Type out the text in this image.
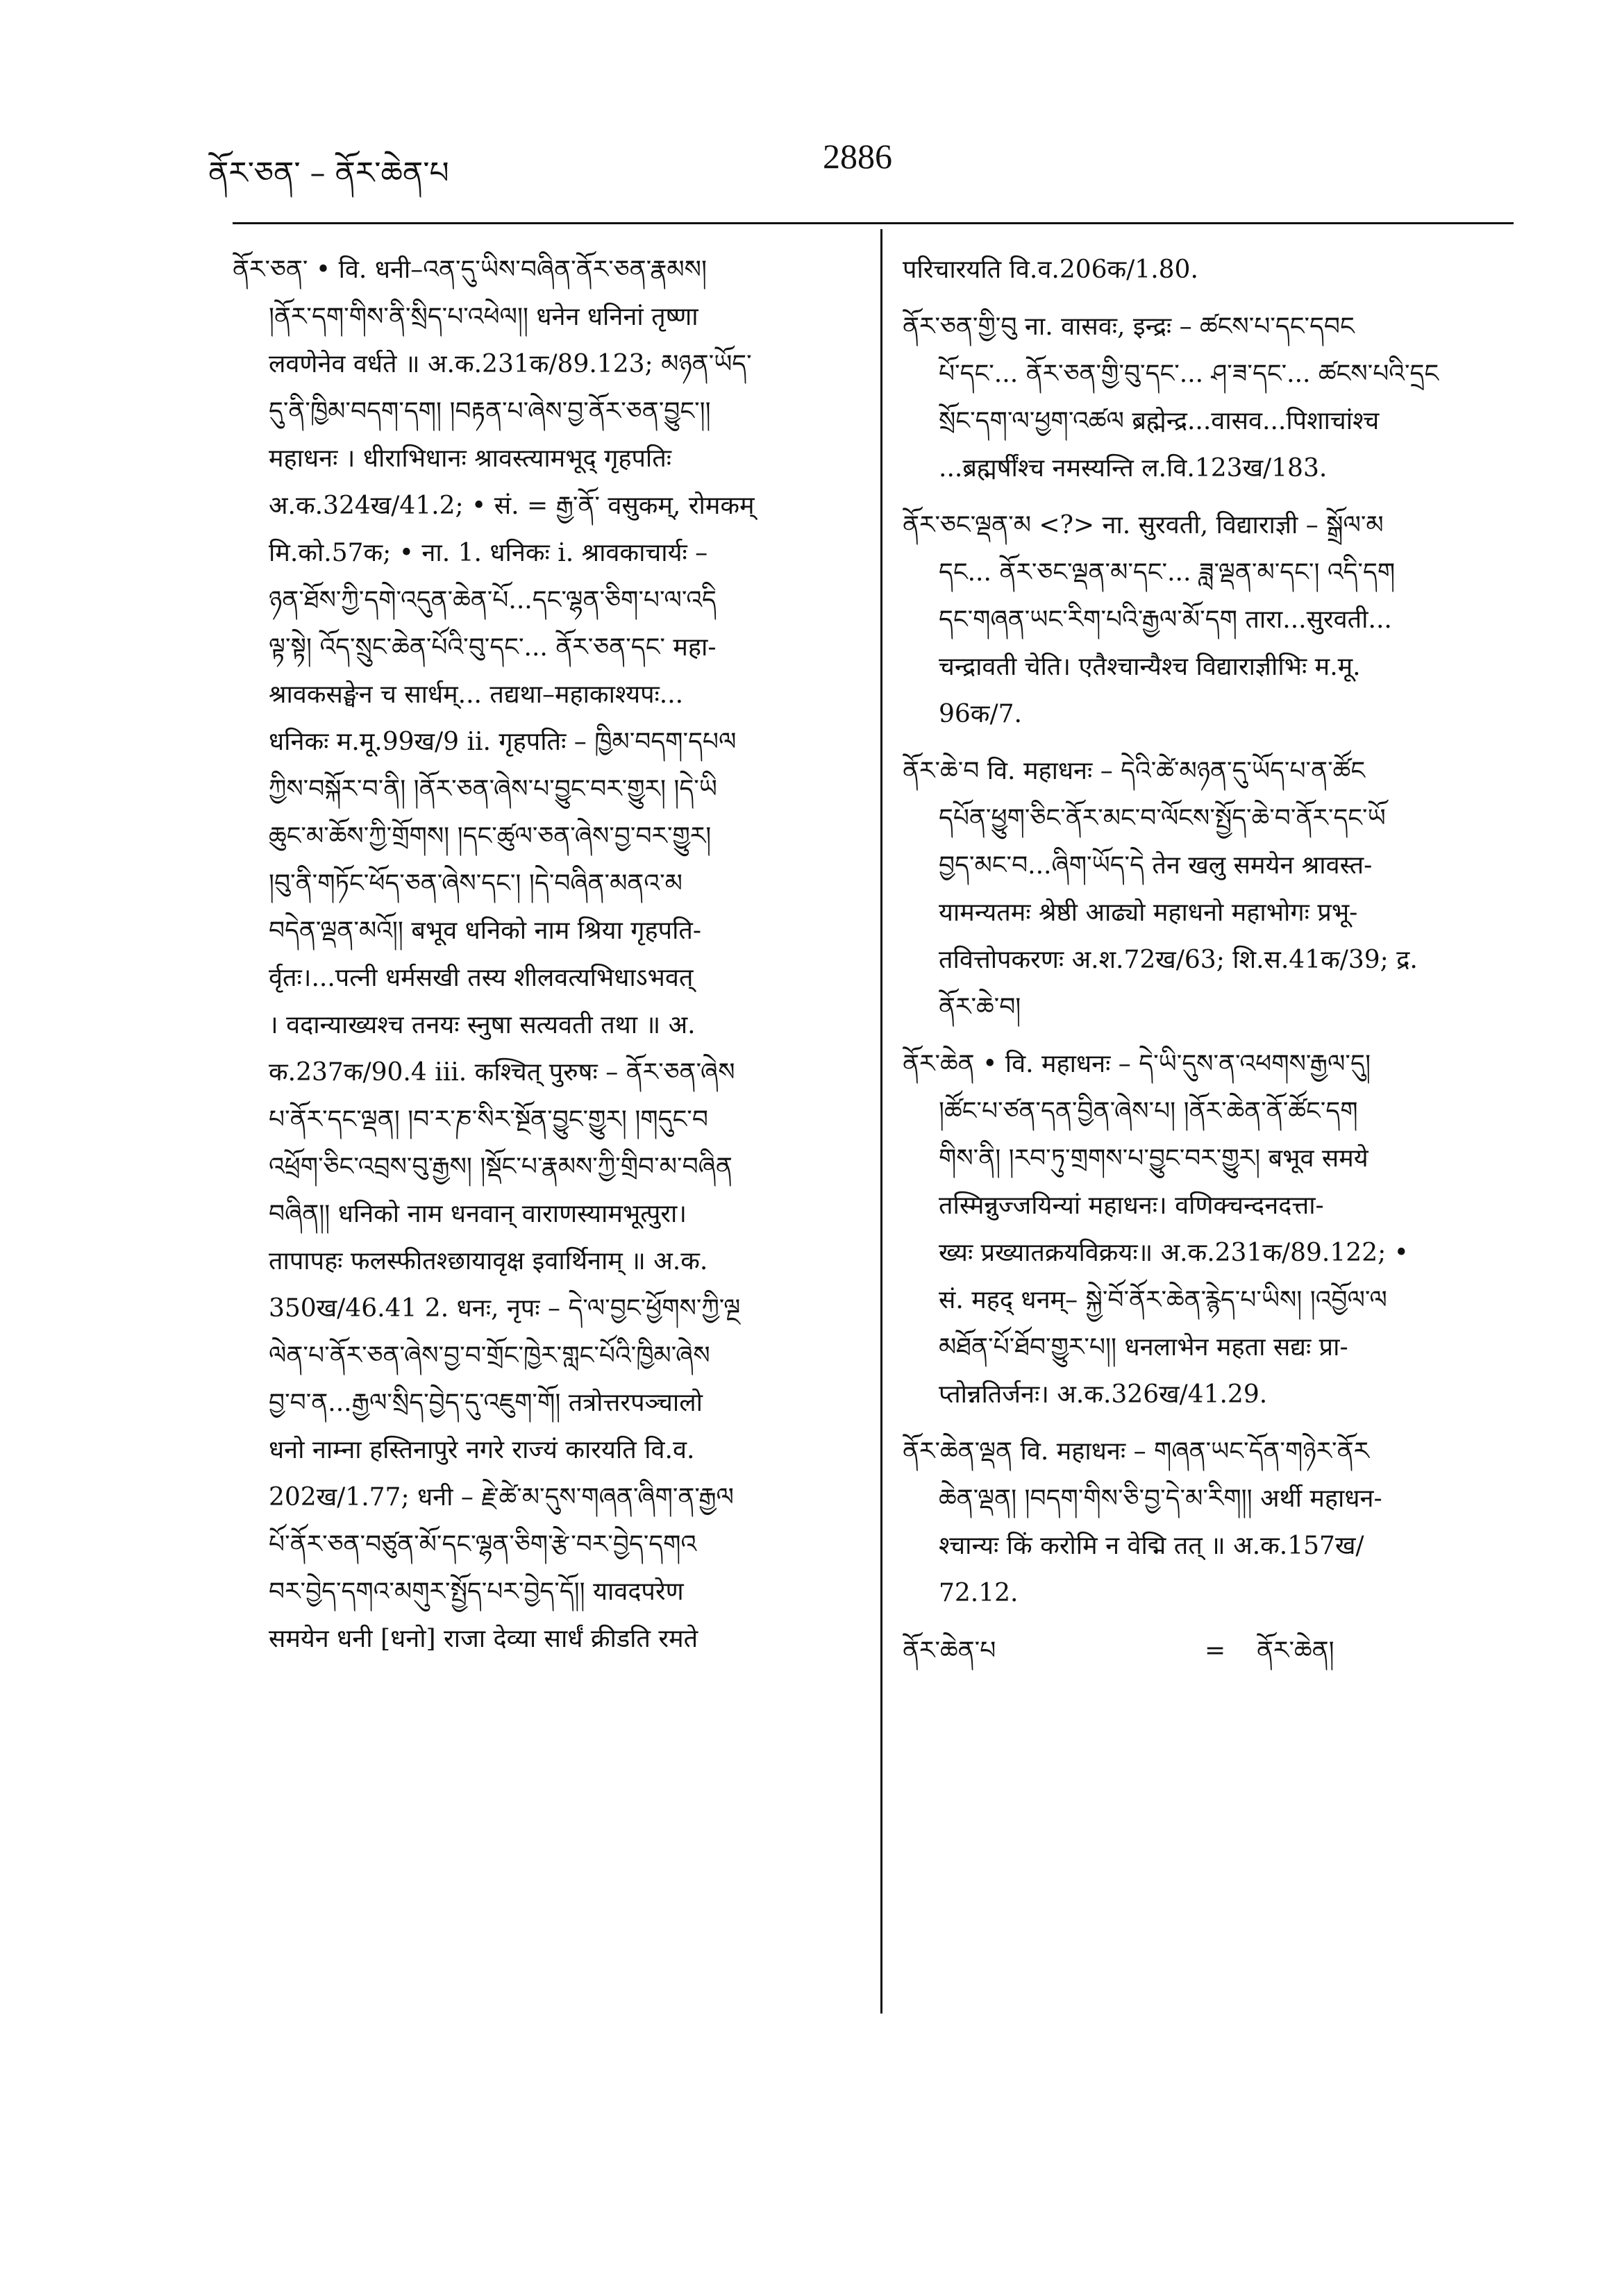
ནོར་ཅན་ – ནོར་ཆེན་པ	2886
ནོར་ཅན་ • वि. धनी–འན་དུ་ཡིས་བཞིན་ནོར་ཅན་རྣམས།
།ནོར་དག་གིས་ནི་སྲིད་པ་འཕེལ།། धनेन धनिनां तृष्णा
लवणेनेव वर्धते ॥ अ.क.231क/89.123; མཉན་ཡོད་
དུ་ནི་ཁྱིམ་བདག་དག། །བརྟན་པ་ཞེས་བྱ་ནོར་ཅན་བྱུང་།།
महाधनः । धीराभिधानः श्रावस्त्यामभूद् गृहपतिः
अ.क.324ख/41.2; • सं. = རྒྱ་ནོ་ वसुकम्, रोमकम्
मि.को.57क; • ना. 1. धनिकः i. श्रावकाचार्यः –
ཉན་ཐོས་ཀྱི་དགེ་འདུན་ཆེན་པོ...དང་ལྷན་ཅིག་པ་ལ་འདི
ལྟ་སྟེ། འོད་སྲུང་ཆེན་པོའི་བུ་དང་... ནོར་ཅན་དང་ महा-
श्रावकसङ्घेन च सार्धम्... तद्यथा–महाकाश्यपः...
धनिकः म.मू.99ख/9 ii. गृहपतिः – ཁྱིམ་བདག་དཔལ
ཀྱིས་བསྐོར་བ་ནི། །ནོར་ཅན་ཞེས་པ་བྱུང་བར་གྱུར། །དེ་ཡི
ཆུང་མ་ཆོས་ཀྱི་གྲོགས། །དང་ཚུལ་ཅན་ཞེས་བྱ་བར་གྱུར།
།བུ་ནི་གཏོང་ཕོད་ཅན་ཞེས་དང་། །དེ་བཞིན་མནའ་མ
བདེན་ལྡན་མའོ།། बभूव धनिको नाम श्रिया गृहपति-
र्वृतः।...पत्नी धर्मसखी तस्य शीलवत्यभिधाऽभवत्
। वदान्याख्यश्च तनयः स्नुषा सत्यवती तथा ॥ अ.
क.237क/90.4 iii. कश्चित् पुरुषः – ནོར་ཅན་ཞེས
པ་ནོར་དང་ལྡན། །བ་ར་ཎ་སིར་སྔོན་བྱུང་གྱུར། །གདུང་བ
འཕྲོག་ཅིང་འབྲས་བུ་རྒྱས། །སྡོང་པ་རྣམས་ཀྱི་གྲིབ་མ་བཞིན
བཞིན།། धनिको नाम धनवान् वाराणस्यामभूत्पुरा।
तापापहः फलस्फीतश्छायावृक्ष इवार्थिनाम् ॥ अ.क.
350ख/46.41 2. धनः, नृपः – དེ་ལ་བྱང་ཕྱོགས་ཀྱི་ལྔ
ལེན་པ་ནོར་ཅན་ཞེས་བྱ་བ་གྲོང་ཁྱེར་གླང་པོའི་ཁྱིམ་ཞེས
བྱ་བ་ན...རྒྱལ་སྲིད་བྱེད་དུ་འཇུག་གོ། तत्रोत्तरपञ्चालो
धनो नाम्ना हस्तिनापुरे नगरे राज्यं कारयति वि.व.
202ख/1.77; धनी – རྗེ་ཚེ་མ་དུས་གཞན་ཞིག་ན་རྒྱལ
པོ་ནོར་ཅན་བཙུན་མོ་དང་ལྷན་ཅིག་རྩེ་བར་བྱེད་དགའ
བར་བྱེད་དགའ་མགུར་སྤྱོད་པར་བྱེད་དོ།། यावदपरेण
समयेन धनी [धनो] राजा देव्या सार्धं क्रीडति रमते
परिचारयति वि.व.206क/1.80.
ནོར་ཅན་གྱི་བུ ना. वासवः, इन्द्रः – ཚངས་པ་དང་དབང
པོ་དང་... ནོར་ཅན་གྱི་བུ་དང་... ཤ་ཟ་དང་... ཚངས་པའི་དྲང
སྲོང་དག་ལ་ཕྱག་འཚལ ब्रह्मेन्द्र...वासव...पिशाचांश्च
...ब्रह्मर्षींश्च नमस्यन्ति ल.वि.123ख/183.
ནོར་ཅང་ལྡན་མ <?> ना. सुरवती, विद्याराज्ञी – སྒྲོལ་མ
དང... ནོར་ཅང་ལྡན་མ་དང་... ཟླ་ལྡན་མ་དང་། འདི་དག
དང་གཞན་ཡང་རིག་པའི་རྒྱལ་མོ་དག तारा...सुरवती...
चन्द्रावती चेति। एतैश्चान्यैश्च विद्याराज्ञीभिः म.मू.
96क/7.
ནོར་ཆེ་བ वि. महाधनः – དེའི་ཚེ་མཉན་དུ་ཡོད་པ་ན་ཚོང
དཔོན་ཕྱུག་ཅིང་ནོར་མང་བ་ལོངས་སྤྱོད་ཆེ་བ་ནོར་དང་ཡོ
བྱད་མང་བ...ཞིག་ཡོད་དེ तेन खलु समयेन श्रावस्त-
यामन्यतमः श्रेष्ठी आढ्यो महाधनो महाभोगः प्रभू-
तवित्तोपकरणः अ.श.72ख/63; शि.स.41क/39; द्र.
ནོར་ཆེ་བ།
ནོར་ཆེན • वि. महाधनः – དེ་ཡི་དུས་ན་འཕགས་རྒྱལ་དུ།
།ཚོང་པ་ཙན་དན་བྱིན་ཞེས་པ། །ནོར་ཆེན་ནོ་ཚོང་དག
གིས་ནི། །རབ་ཏུ་གྲགས་པ་བྱུང་བར་གྱུར། बभूव समये
तस्मिन्नुज्जयिन्यां महाधनः। वणिक्चन्दनदत्ता-
ख्यः प्रख्यातक्रयविक्रयः॥ अ.क.231क/89.122; •
सं. महद् धनम्– སྐྱེ་བོ་ནོར་ཆེན་རྙེད་པ་ཡིས། །འབྱོལ་ལ
མཐོན་པོ་ཐོབ་གྱུར་པ།། धनलाभेन महता सद्यः प्रा-
प्तोन्नतिर्जनः। अ.क.326ख/41.29.
ནོར་ཆེན་ལྡན वि. महाधनः – གཞན་ཡང་དོན་གཉེར་ནོར
ཆེན་ལྡན། །བདག་གིས་ཅི་བྱ་དེ་མ་རིག།། अर्थी महाधन-
श्चान्यः किं करोमि न वेद्मि तत् ॥ अ.क.157ख/
72.12.
ནོར་ཆེན་པ	= ནོར་ཆེན།
